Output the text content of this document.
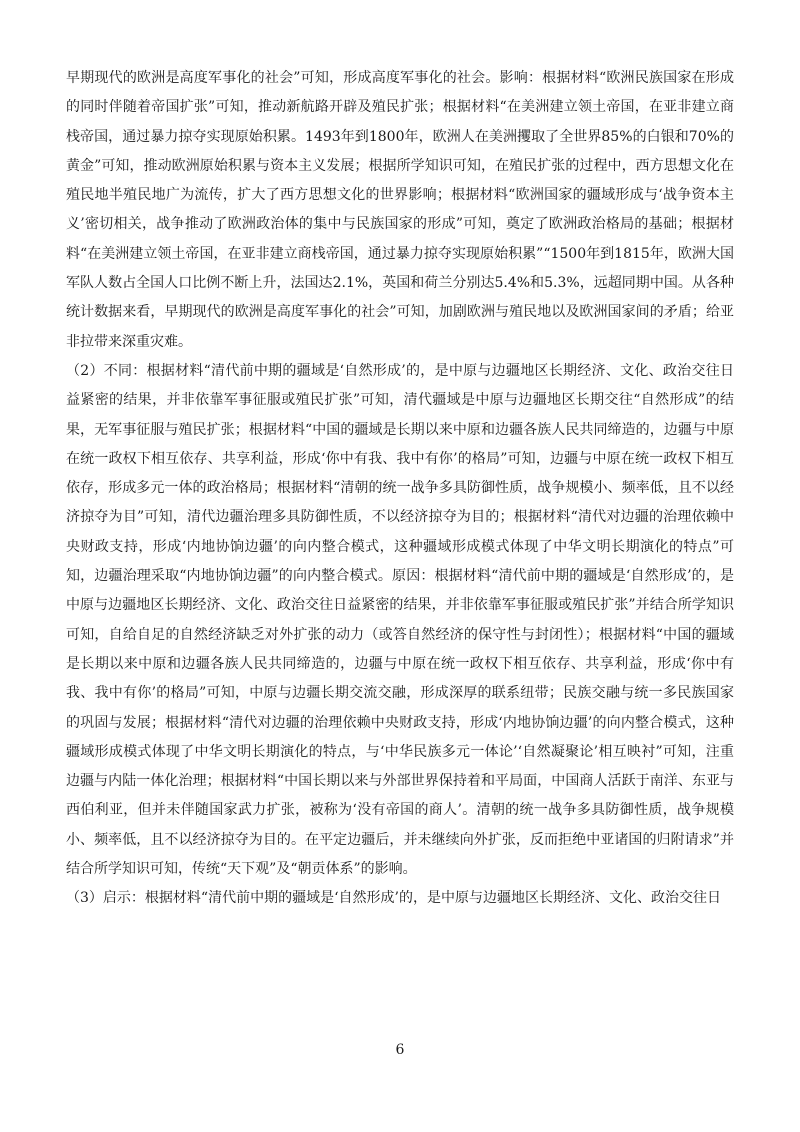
早期现代的欧洲是高度军事化的社会”可知，形成高度军事化的社会。影响：根据材料“欧洲民族国家在形成的同时伴随着帝国扩张”可知，推动新航路开辟及殖民扩张；根据材料“在美洲建立领土帝国，在亚非建立商栈帝国，通过暴力掠夺实现原始积累。1493年到1800年，欧洲人在美洲攫取了全世界85%的白银和70%的黄金”可知，推动欧洲原始积累与资本主义发展；根据所学知识可知，在殖民扩张的过程中，西方思想文化在殖民地半殖民地广为流传，扩大了西方思想文化的世界影响；根据材料“欧洲国家的疆域形成与‘战争资本主义’密切相关，战争推动了欧洲政治体的集中与民族国家的形成”可知，奠定了欧洲政治格局的基础；根据材料“在美洲建立领土帝国，在亚非建立商栈帝国，通过暴力掠夺实现原始积累”“1500年到1815年，欧洲大国军队人数占全国人口比例不断上升，法国达2.1%，英国和荷兰分别达5.4%和5.3%，远超同期中国。从各种统计数据来看，早期现代的欧洲是高度军事化的社会”可知，加剧欧洲与殖民地以及欧洲国家间的矛盾；给亚非拉带来深重灾难。

（2）不同：根据材料“清代前中期的疆域是‘自然形成’的，是中原与边疆地区长期经济、文化、政治交往日益紧密的结果，并非依靠军事征服或殖民扩张”可知，清代疆域是中原与边疆地区长期交往“自然形成”的结果，无军事征服与殖民扩张；根据材料“中国的疆域是长期以来中原和边疆各族人民共同缔造的，边疆与中原在统一政权下相互依存、共享利益，形成‘你中有我、我中有你’的格局”可知，边疆与中原在统一政权下相互依存，形成多元一体的政治格局；根据材料“清朝的统一战争多具防御性质，战争规模小、频率低，且不以经济掠夺为目”可知，清代边疆治理多具防御性质，不以经济掠夺为目的；根据材料“清代对边疆的治理依赖中央财政支持，形成‘内地协饷边疆’的向内整合模式，这种疆域形成模式体现了中华文明长期演化的特点”可知，边疆治理采取“内地协饷边疆”的向内整合模式。原因：根据材料“清代前中期的疆域是‘自然形成’的，是中原与边疆地区长期经济、文化、政治交往日益紧密的结果，并非依靠军事征服或殖民扩张”并结合所学知识可知，自给自足的自然经济缺乏对外扩张的动力（或答自然经济的保守性与封闭性）；根据材料“中国的疆域是长期以来中原和边疆各族人民共同缔造的，边疆与中原在统一政权下相互依存、共享利益，形成‘你中有我、我中有你’的格局”可知，中原与边疆长期交流交融，形成深厚的联系纽带；民族交融与统一多民族国家的巩固与发展；根据材料“清代对边疆的治理依赖中央财政支持，形成‘内地协饷边疆’的向内整合模式，这种疆域形成模式体现了中华文明长期演化的特点，与‘中华民族多元一体论’‘自然凝聚论’相互映衬”可知，注重边疆与内陆一体化治理；根据材料“中国长期以来与外部世界保持着和平局面，中国商人活跃于南洋、东亚与西伯利亚，但并未伴随国家武力扩张，被称为‘没有帝国的商人’。清朝的统一战争多具防御性质，战争规模小、频率低，且不以经济掠夺为目的。在平定边疆后，并未继续向外扩张，反而拒绝中亚诸国的归附请求”并结合所学知识可知，传统“天下观”及“朝贡体系”的影响。

（3）启示：根据材料“清代前中期的疆域是‘自然形成’的，是中原与边疆地区长期经济、文化、政治交往日

6
